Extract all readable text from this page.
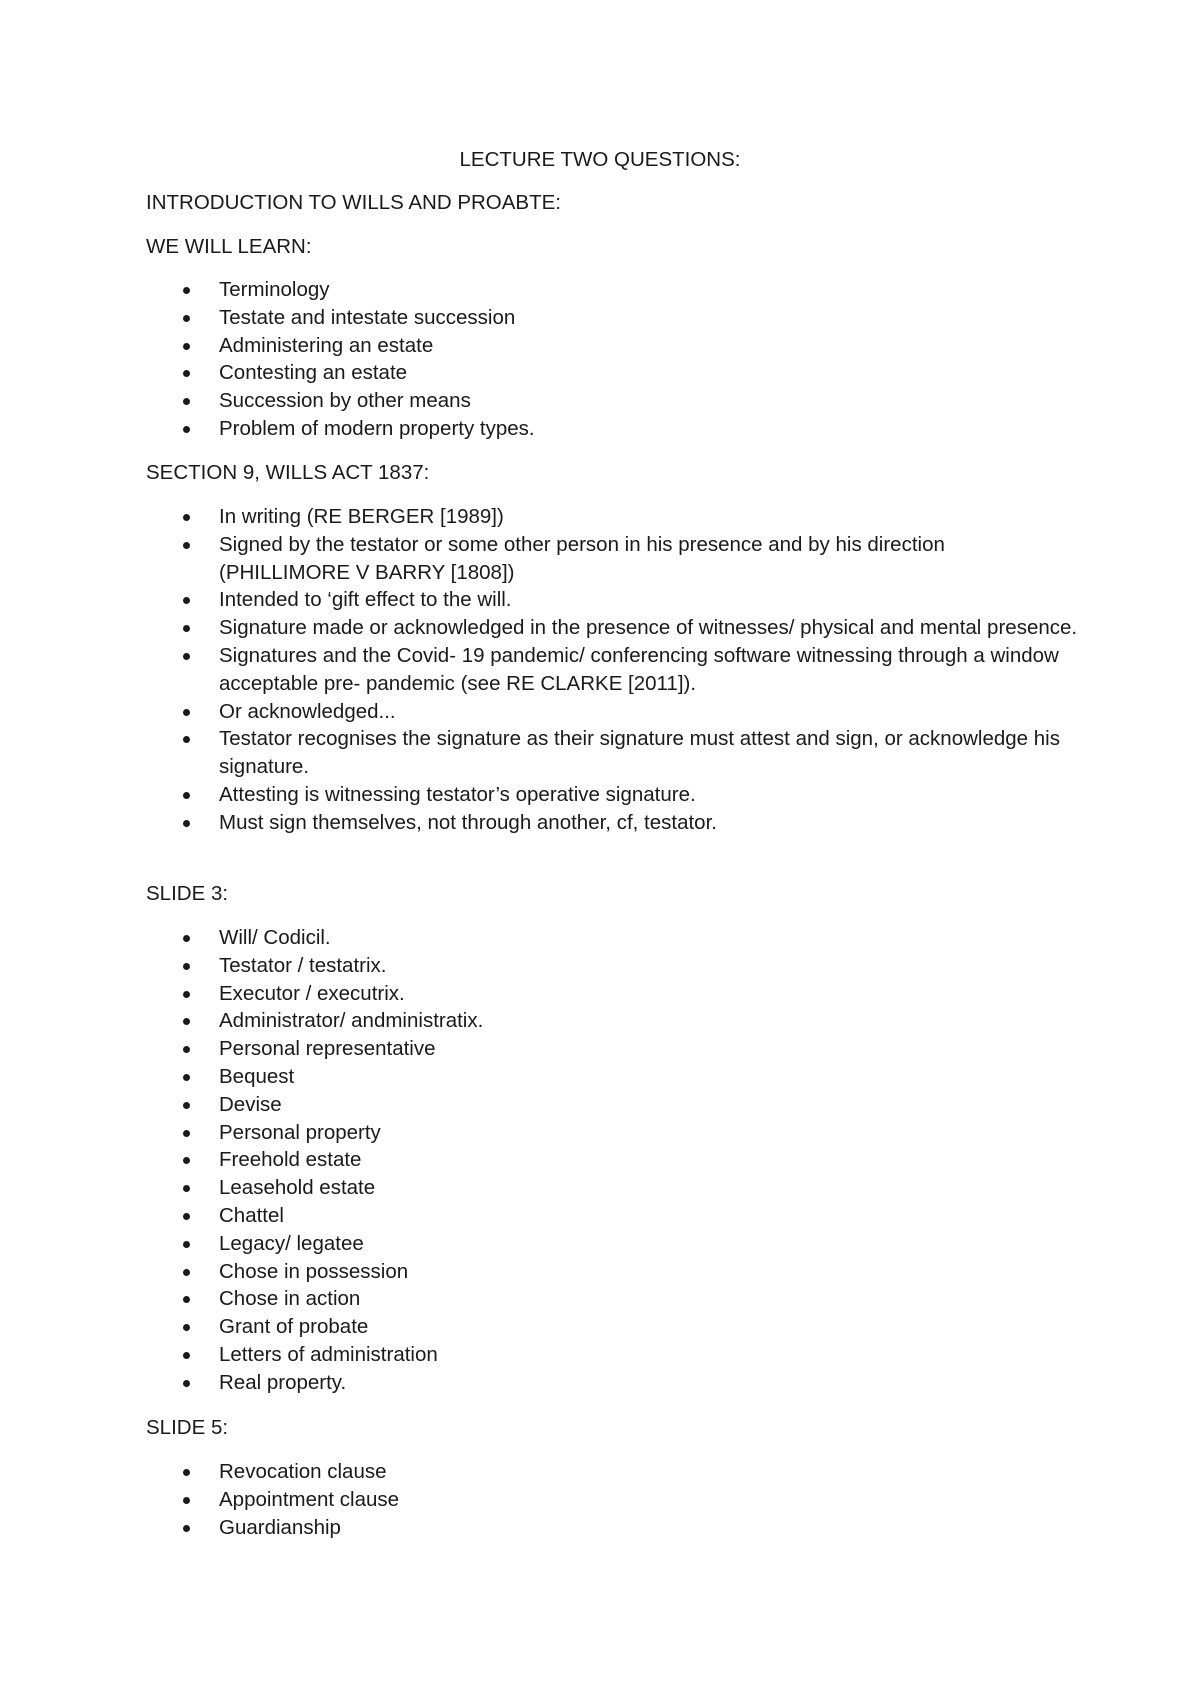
LECTURE TWO QUESTIONS:
INTRODUCTION TO WILLS AND PROABTE:
WE WILL LEARN:
Terminology
Testate and intestate succession
Administering an estate
Contesting an estate
Succession by other means
Problem of modern property types.
SECTION 9, WILLS ACT 1837:
In writing (RE BERGER [1989])
Signed by the testator or some other person in his presence and by his direction (PHILLIMORE V BARRY [1808])
Intended to ‘gift effect to the will.
Signature made or acknowledged in the presence of witnesses/ physical and mental presence.
Signatures and the Covid- 19 pandemic/ conferencing software witnessing through a window acceptable pre- pandemic (see RE CLARKE [2011]).
Or acknowledged...
Testator recognises the signature as their signature must attest and sign, or acknowledge his signature.
Attesting is witnessing testator’s operative signature.
Must sign themselves, not through another, cf, testator.
SLIDE 3:
Will/ Codicil.
Testator / testatrix.
Executor / executrix.
Administrator/ andministratix.
Personal representative
Bequest
Devise
Personal property
Freehold estate
Leasehold estate
Chattel
Legacy/ legatee
Chose in possession
Chose in action
Grant of probate
Letters of administration
Real property.
SLIDE 5:
Revocation clause
Appointment clause
Guardianship
